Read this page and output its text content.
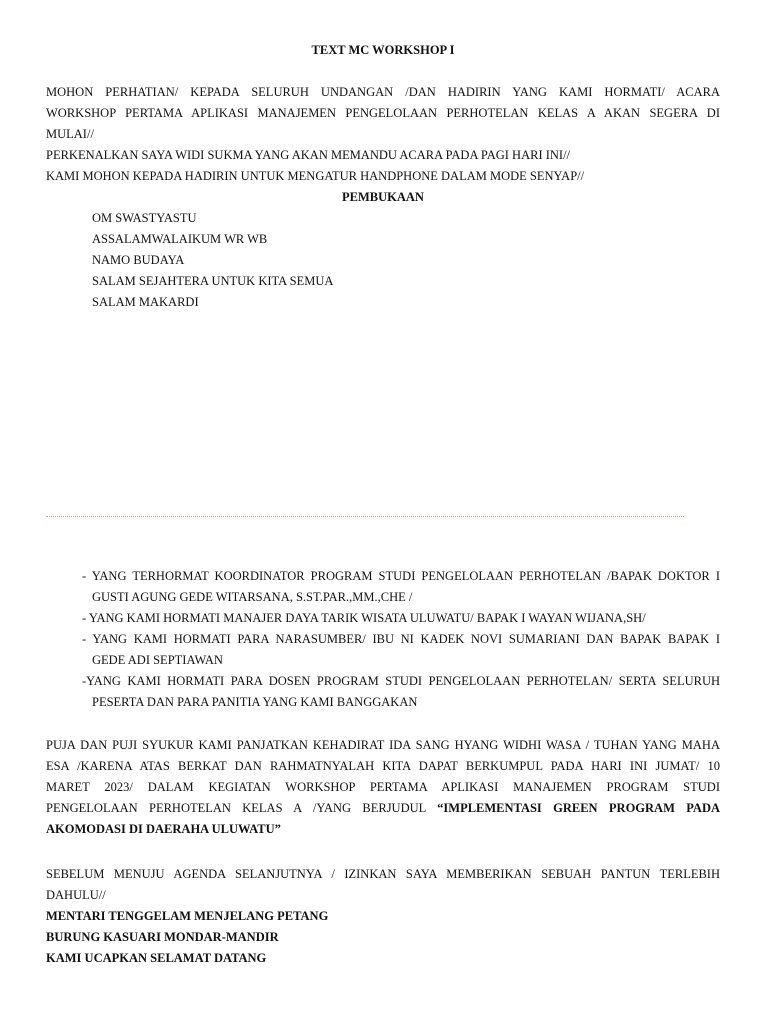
TEXT MC WORKSHOP I
MOHON PERHATIAN/ KEPADA SELURUH UNDANGAN /DAN HADIRIN YANG KAMI HORMATI/ ACARA
WORKSHOP PERTAMA APLIKASI MANAJEMEN PENGELOLAAN PERHOTELAN KELAS A AKAN SEGERA DI
MULAI//
PERKENALKAN SAYA WIDI SUKMA YANG AKAN MEMANDU ACARA PADA PAGI HARI INI//
KAMI MOHON KEPADA HADIRIN UNTUK MENGATUR HANDPHONE DALAM MODE SENYAP//
PEMBUKAAN
OM SWASTYASTU
ASSALAMWALAIKUM WR WB
NAMO BUDAYA
SALAM SEJAHTERA UNTUK KITA SEMUA
SALAM MAKARDI
- YANG TERHORMAT KOORDINATOR PROGRAM STUDI PENGELOLAAN PERHOTELAN /BAPAK DOKTOR I
GUSTI AGUNG GEDE WITARSANA, S.ST.PAR.,MM.,CHE /
- YANG KAMI HORMATI MANAJER DAYA TARIK WISATA ULUWATU/ BAPAK I WAYAN WIJANA,SH/
- YANG KAMI HORMATI PARA NARASUMBER/ IBU NI KADEK NOVI SUMARIANI DAN BAPAK BAPAK I
GEDE ADI SEPTIAWAN
-YANG KAMI HORMATI PARA DOSEN PROGRAM STUDI PENGELOLAAN PERHOTELAN/ SERTA SELURUH
PESERTA DAN PARA PANITIA YANG KAMI BANGGAKAN
PUJA DAN PUJI SYUKUR KAMI PANJATKAN KEHADIRAT IDA SANG HYANG WIDHI WASA / TUHAN YANG MAHA
ESA /KARENA ATAS BERKAT DAN RAHMATNYALAH KITA DAPAT BERKUMPUL PADA HARI INI JUMAT/ 10
MARET 2023/ DALAM KEGIATAN WORKSHOP PERTAMA APLIKASI MANAJEMEN PROGRAM STUDI
PENGELOLAAN PERHOTELAN KELAS A /YANG BERJUDUL “IMPLEMENTASI GREEN PROGRAM PADA
AKOMODASI DI DAERAHA ULUWATU”
SEBELUM MENUJU AGENDA SELANJUTNYA / IZINKAN SAYA MEMBERIKAN SEBUAH PANTUN TERLEBIH
DAHULU//
MENTARI TENGGELAM MENJELANG PETANG
BURUNG KASUARI MONDAR-MANDIR
KAMI UCAPKAN SELAMAT DATANG
